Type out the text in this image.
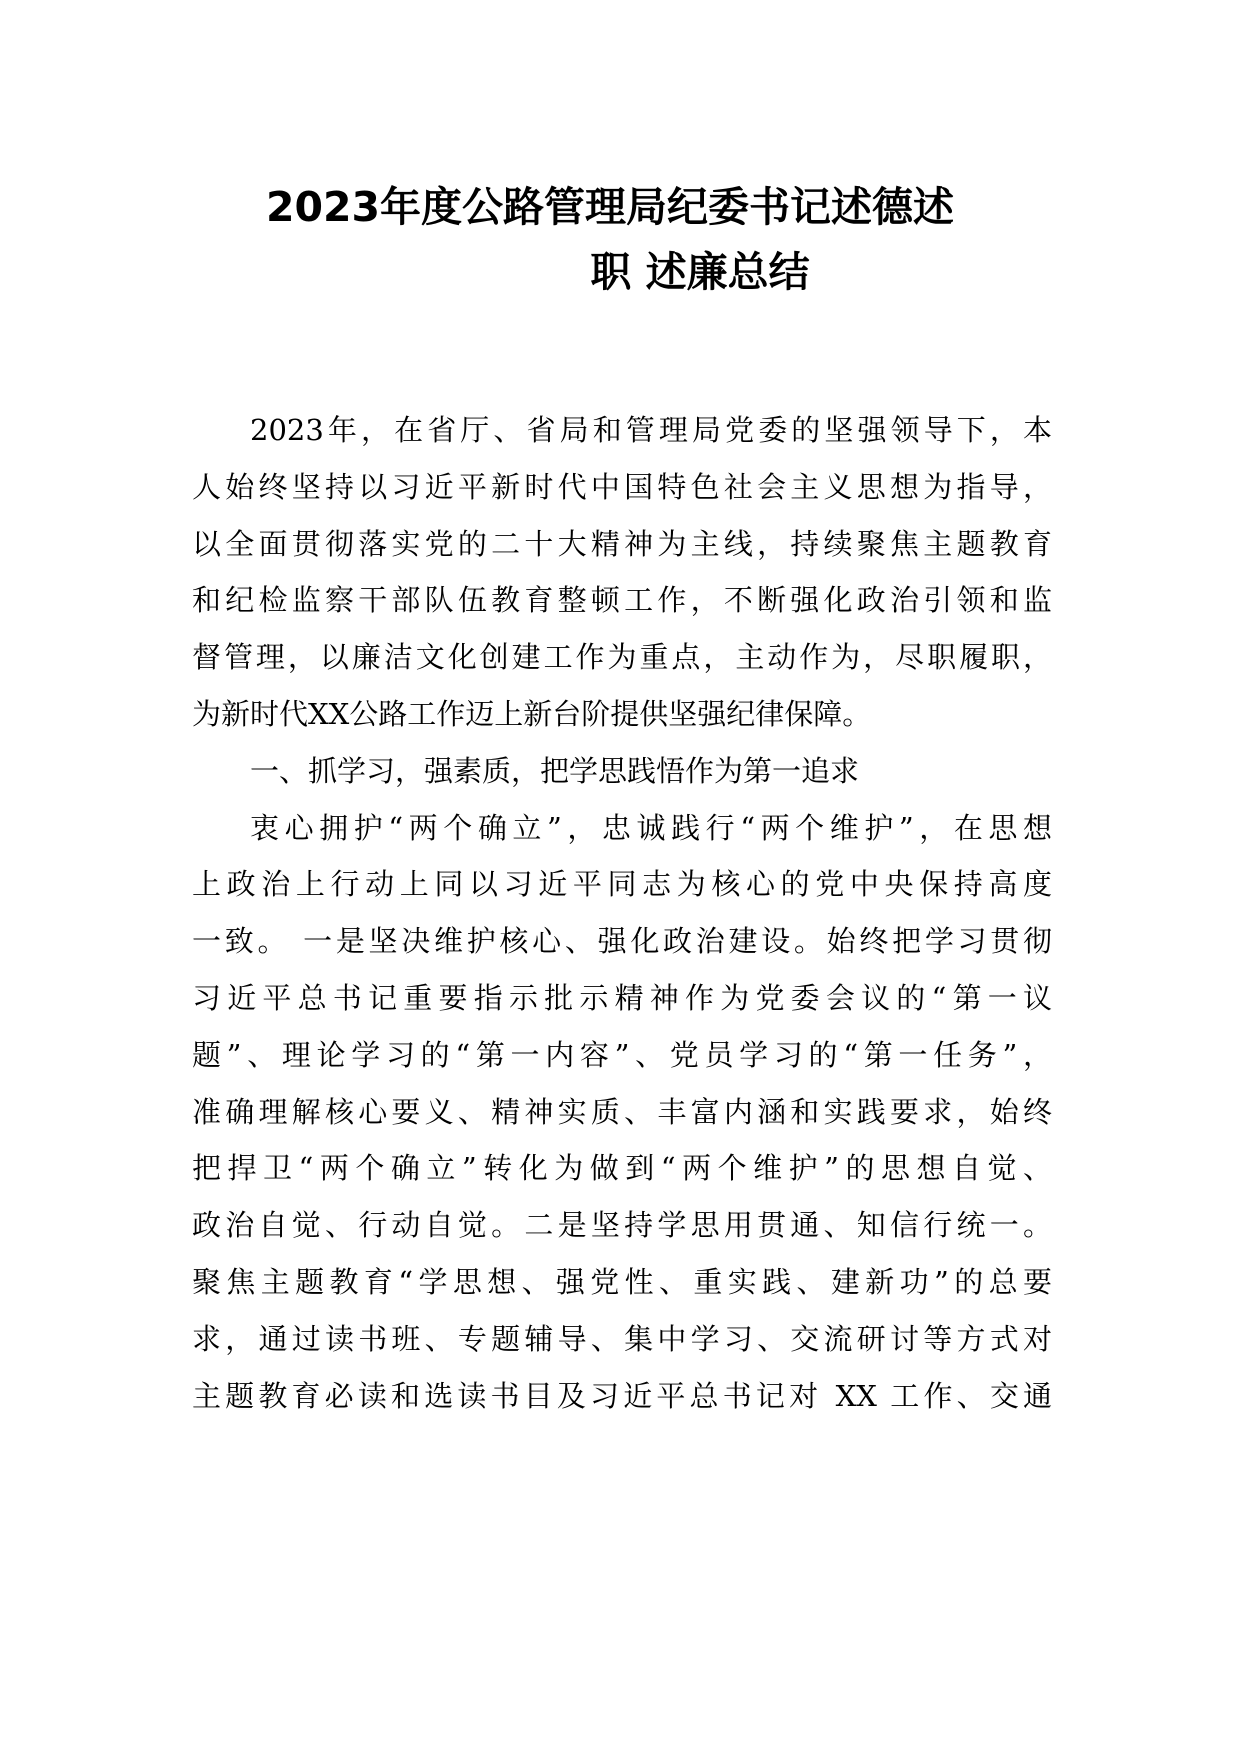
2023年度公路管理局纪委书记述德述
职 述廉总结
2023年，在省厅、省局和管理局党委的坚强领导下，本
人始终坚持以习近平新时代中国特色社会主义思想为指导，
以全面贯彻落实党的二十大精神为主线，持续聚焦主题教育
和纪检监察干部队伍教育整顿工作，不断强化政治引领和监
督管理，以廉洁文化创建工作为重点，主动作为，尽职履职，
为新时代XX公路工作迈上新台阶提供坚强纪律保障。
一、抓学习，强素质，把学思践悟作为第一追求
衷心拥护“两个确立”，忠诚践行“两个维护”，在思想
上政治上行动上同以习近平同志为核心的党中央保持高度
一致。 一是坚决维护核心、强化政治建设。始终把学习贯彻
习近平总书记重要指示批示精神作为党委会议的“第一议
题”、理论学习的“第一内容”、党员学习的“第一任务”，
准确理解核心要义、精神实质、丰富内涵和实践要求，始终
把捍卫“两个确立”转化为做到“两个维护”的思想自觉、
政治自觉、行动自觉。二是坚持学思用贯通、知信行统一。
聚焦主题教育“学思想、强党性、重实践、建新功”的总要
求，通过读书班、专题辅导、集中学习、交流研讨等方式对
主题教育必读和选读书目及习近平总书记对 XX 工作、交通
